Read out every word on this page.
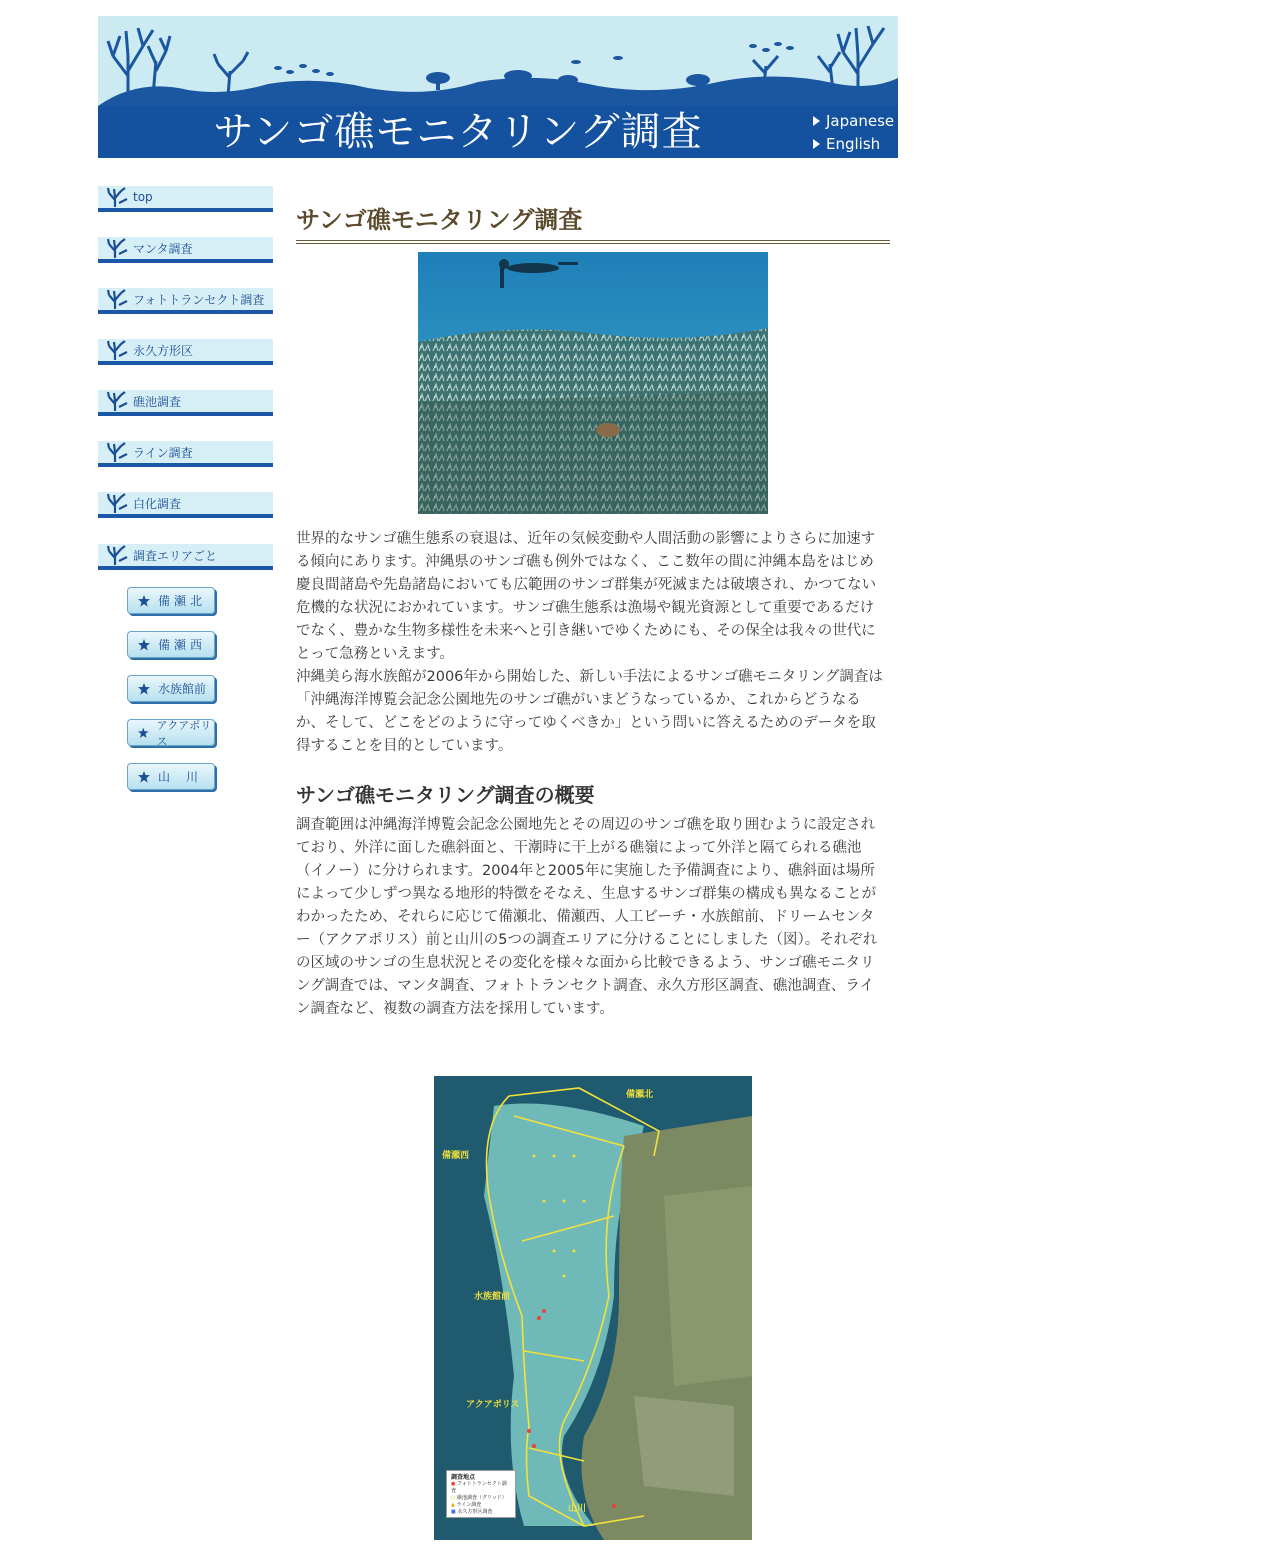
サンゴ礁モニタリング調査	Japanese
English
top
マンタ調査
フォトトランセクト調査
永久方形区
礁池調査
ライン調査
白化調査
調査エリアごと
備瀬北
備瀬西
水族館前
アクアポリス
山川
サンゴ礁モニタリング調査

世界的なサンゴ礁生態系の衰退は、近年の気候変動や人間活動の影響によりさらに加速する傾向にあります。沖縄県のサンゴ礁も例外ではなく、ここ数年の間に沖縄本島をはじめ慶良間諸島や先島諸島においても広範囲のサンゴ群集が死滅または破壊され、かつてない危機的な状況におかれています。サンゴ礁生態系は漁場や観光資源として重要であるだけでなく、豊かな生物多様性を未来へと引き継いでゆくためにも、その保全は我々の世代にとって急務といえます。

沖縄美ら海水族館が2006年から開始した、新しい手法によるサンゴ礁モニタリング調査は「沖縄海洋博覧会記念公園地先のサンゴ礁がいまどうなっているか、これからどうなるか、そして、どこをどのように守ってゆくべきか」という問いに答えるためのデータを取得することを目的としています。

サンゴ礁モニタリング調査の概要

調査範囲は沖縄海洋博覧会記念公園地先とその周辺のサンゴ礁を取り囲むように設定されており、外洋に面した礁斜面と、干潮時に干上がる礁嶺によって外洋と隔てられる礁池（イノー）に分けられます。2004年と2005年に実施した予備調査により、礁斜面は場所によって少しずつ異なる地形的特徴をそなえ、生息するサンゴ群集の構成も異なることがわかったため、それらに応じて備瀬北、備瀬西、人工ビーチ・水族館前、ドリームセンター（アクアポリス）前と山川の5つの調査エリアに分けることにしました（図）。それぞれの区域のサンゴの生息状況とその変化を様々な面から比較できるよう、サンゴ礁モニタリング調査では、マンタ調査、フォトトランセクト調査、永久方形区調査、礁池調査、ライン調査など、複数の調査方法を採用しています。

備瀬北
備瀬西
水族館前
アクアポリス
山川
調査地点
● フォトトランセクト調査
○ 礁池調査（グリッド）
▲ ライン調査
■ 永久方形区調査
